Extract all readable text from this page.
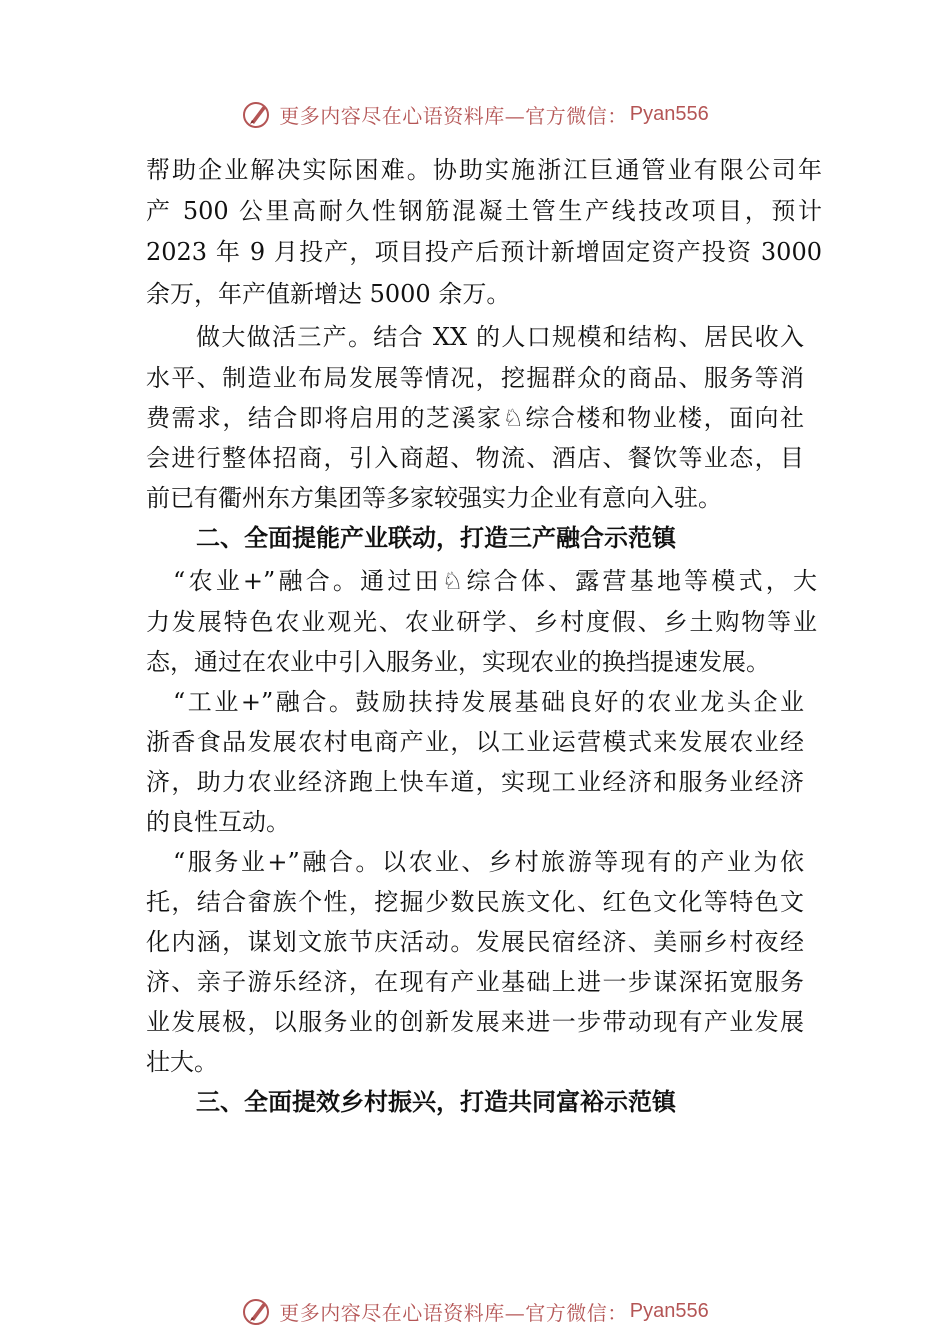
更多内容尽在心语资料库—官方微信： Pyan556
帮助企业解决实际困难。协助实施浙江巨通管业有限公司年
产 500 公里高耐久性钢筋混凝土管生产线技改项目，预计
2023 年 9 月投产，项目投产后预计新增固定资产投资 3000
余万，年产值新增达 5000 余万。
做大做活三产。结合 XX 的人口规模和结构、居民收入
水平、制造业布局发展等情况，挖掘群众的商品、服务等消
费需求，结合即将启用的芝溪家♘综合楼和物业楼，面向社
会进行整体招商，引入商超、物流、酒店、餐饮等业态，目
前已有衢州东方集团等多家较强实力企业有意向入驻。
二、全面提能产业联动，打造三产融合示范镇
“农业+”融合。通过田♘综合体、露营基地等模式，大
力发展特色农业观光、农业研学、乡村度假、乡土购物等业
态，通过在农业中引入服务业，实现农业的换挡提速发展。
“工业+”融合。鼓励扶持发展基础良好的农业龙头企业
浙香食品发展农村电商产业，以工业运营模式来发展农业经
济，助力农业经济跑上快车道，实现工业经济和服务业经济
的良性互动。
“服务业+”融合。以农业、乡村旅游等现有的产业为依
托，结合畲族个性，挖掘少数民族文化、红色文化等特色文
化内涵，谋划文旅节庆活动。发展民宿经济、美丽乡村夜经
济、亲子游乐经济，在现有产业基础上进一步谋深拓宽服务
业发展极，以服务业的创新发展来进一步带动现有产业发展
壮大。
三、全面提效乡村振兴，打造共同富裕示范镇
更多内容尽在心语资料库—官方微信： Pyan556
